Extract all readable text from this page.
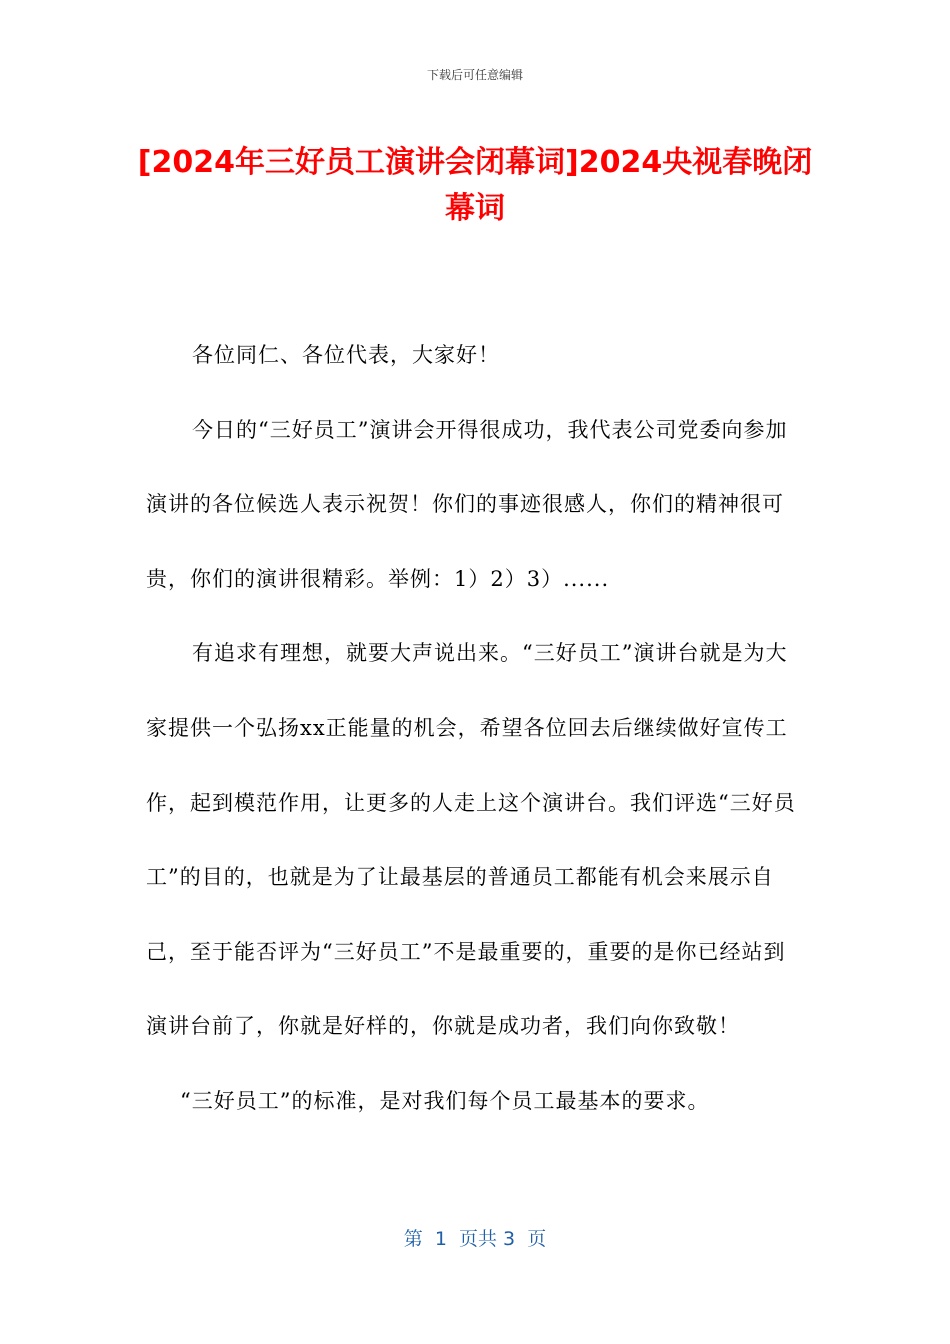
下载后可任意编辑
[2024年三好员工演讲会闭幕词]2024央视春晚闭幕词

各位同仁、各位代表，大家好！

今日的“三好员工”演讲会开得很成功，我代表公司党委向参加演讲的各位候选人表示祝贺！你们的事迹很感人，你们的精神很可贵，你们的演讲很精彩。举例：1）2）3）......

有追求有理想，就要大声说出来。“三好员工”演讲台就是为大家提供一个弘扬xx正能量的机会，希望各位回去后继续做好宣传工作，起到模范作用，让更多的人走上这个演讲台。我们评选“三好员工”的目的，也就是为了让最基层的普通员工都能有机会来展示自己，至于能否评为“三好员工”不是最重要的，重要的是你已经站到演讲台前了，你就是好样的，你就是成功者，我们向你致敬！

“三好员工”的标准，是对我们每个员工最基本的要求。

第  1  页共 3  页
